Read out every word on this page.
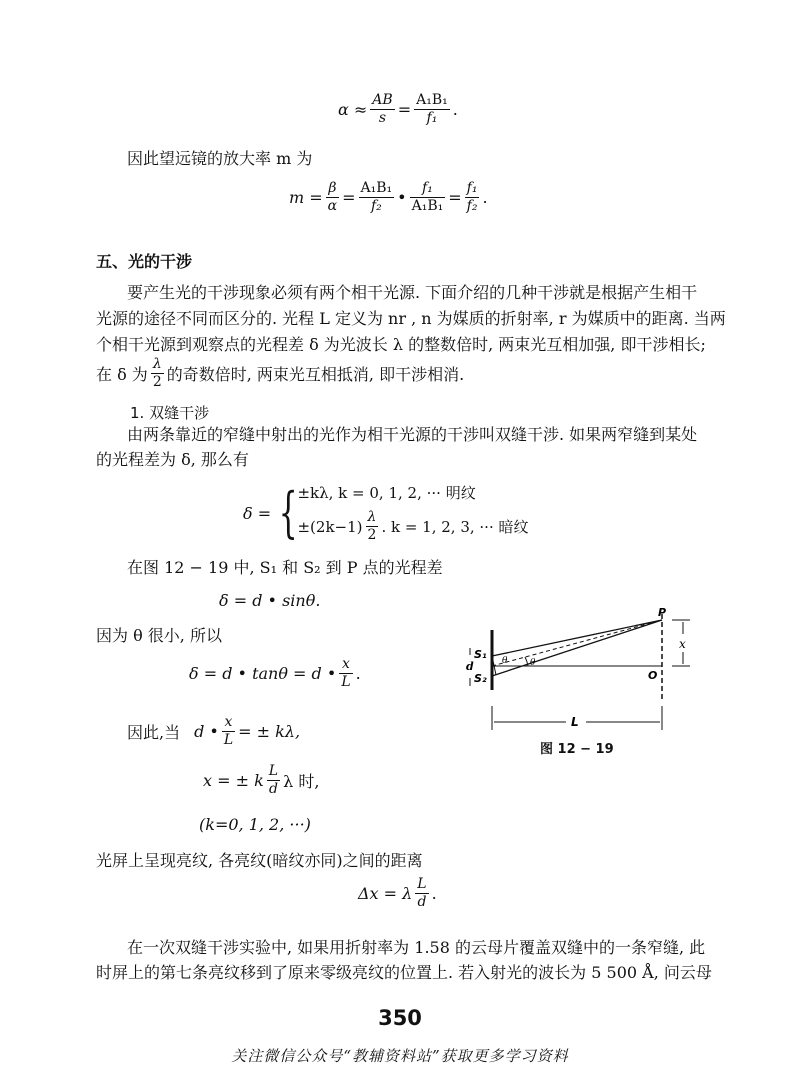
$\alpha \approx \frac{AB}{s} = \frac{\text{A₁B₁}}{\text{f₁}}$ .
因此望远镜的放大率 m 为
$m = \frac{\beta}{\alpha} = \frac{\text{A₁B₁}}{\text{f₂}}$ • $\frac{\text{f₁}}{\text{A₁B₁}} = \frac{\text{f₁}}{\text{f₂}}$ .
五、光的干涉
要产生光的干涉现象必须有两个相干光源. 下面介绍的几种干涉就是根据产生相干
光源的途径不同而区分的. 光程 L 定义为 nr , n 为媒质的折射率, r 为媒质中的距离. 当两
个相干光源到观察点的光程差 δ 为光波长 λ 的整数倍时, 两束光互相加强, 即干涉相长;
在 δ 为 $\frac{\lambda}{2}$ 的奇数倍时, 两束光互相抵消, 即干涉相消.
1. 双缝干涉
由两条靠近的窄缝中射出的光作为相干光源的干涉叫双缝干涉. 如果两窄缝到某处
的光程差为 δ, 那么有
δ = { ±kλ, k = 0, 1, 2, ··· 明纹
$\pm(2k-1) \frac{\lambda}{2}$ . k = 1, 2, 3, ··· 暗纹
在图 12 − 19 中, S₁ 和 S₂ 到 P 点的光程差
δ = d • sinθ.
因为 θ 很小, 所以
δ = d • tanθ = d • $\frac{x}{L}$ .
因此,当 d • $\frac{x}{L}$ = ± kλ,
x = ± k $\frac{L}{d}$ λ 时,
(k=0, 1, 2, ···)
光屏上呈现亮纹, 各亮纹(暗纹亦同)之间的距离
Δx = λ $\frac{L}{d}$ .
在一次双缝干涉实验中, 如果用折射率为 1.58 的云母片覆盖双缝中的一条窄缝, 此
时屏上的第七条亮纹移到了原来零级亮纹的位置上. 若入射光的波长为 5 500 Å, 问云母
P
x
S₁
d
S₂	O
θ	θ
L
图 12 − 19
350
关注微信公众号“教辅资料站”获取更多学习资料
